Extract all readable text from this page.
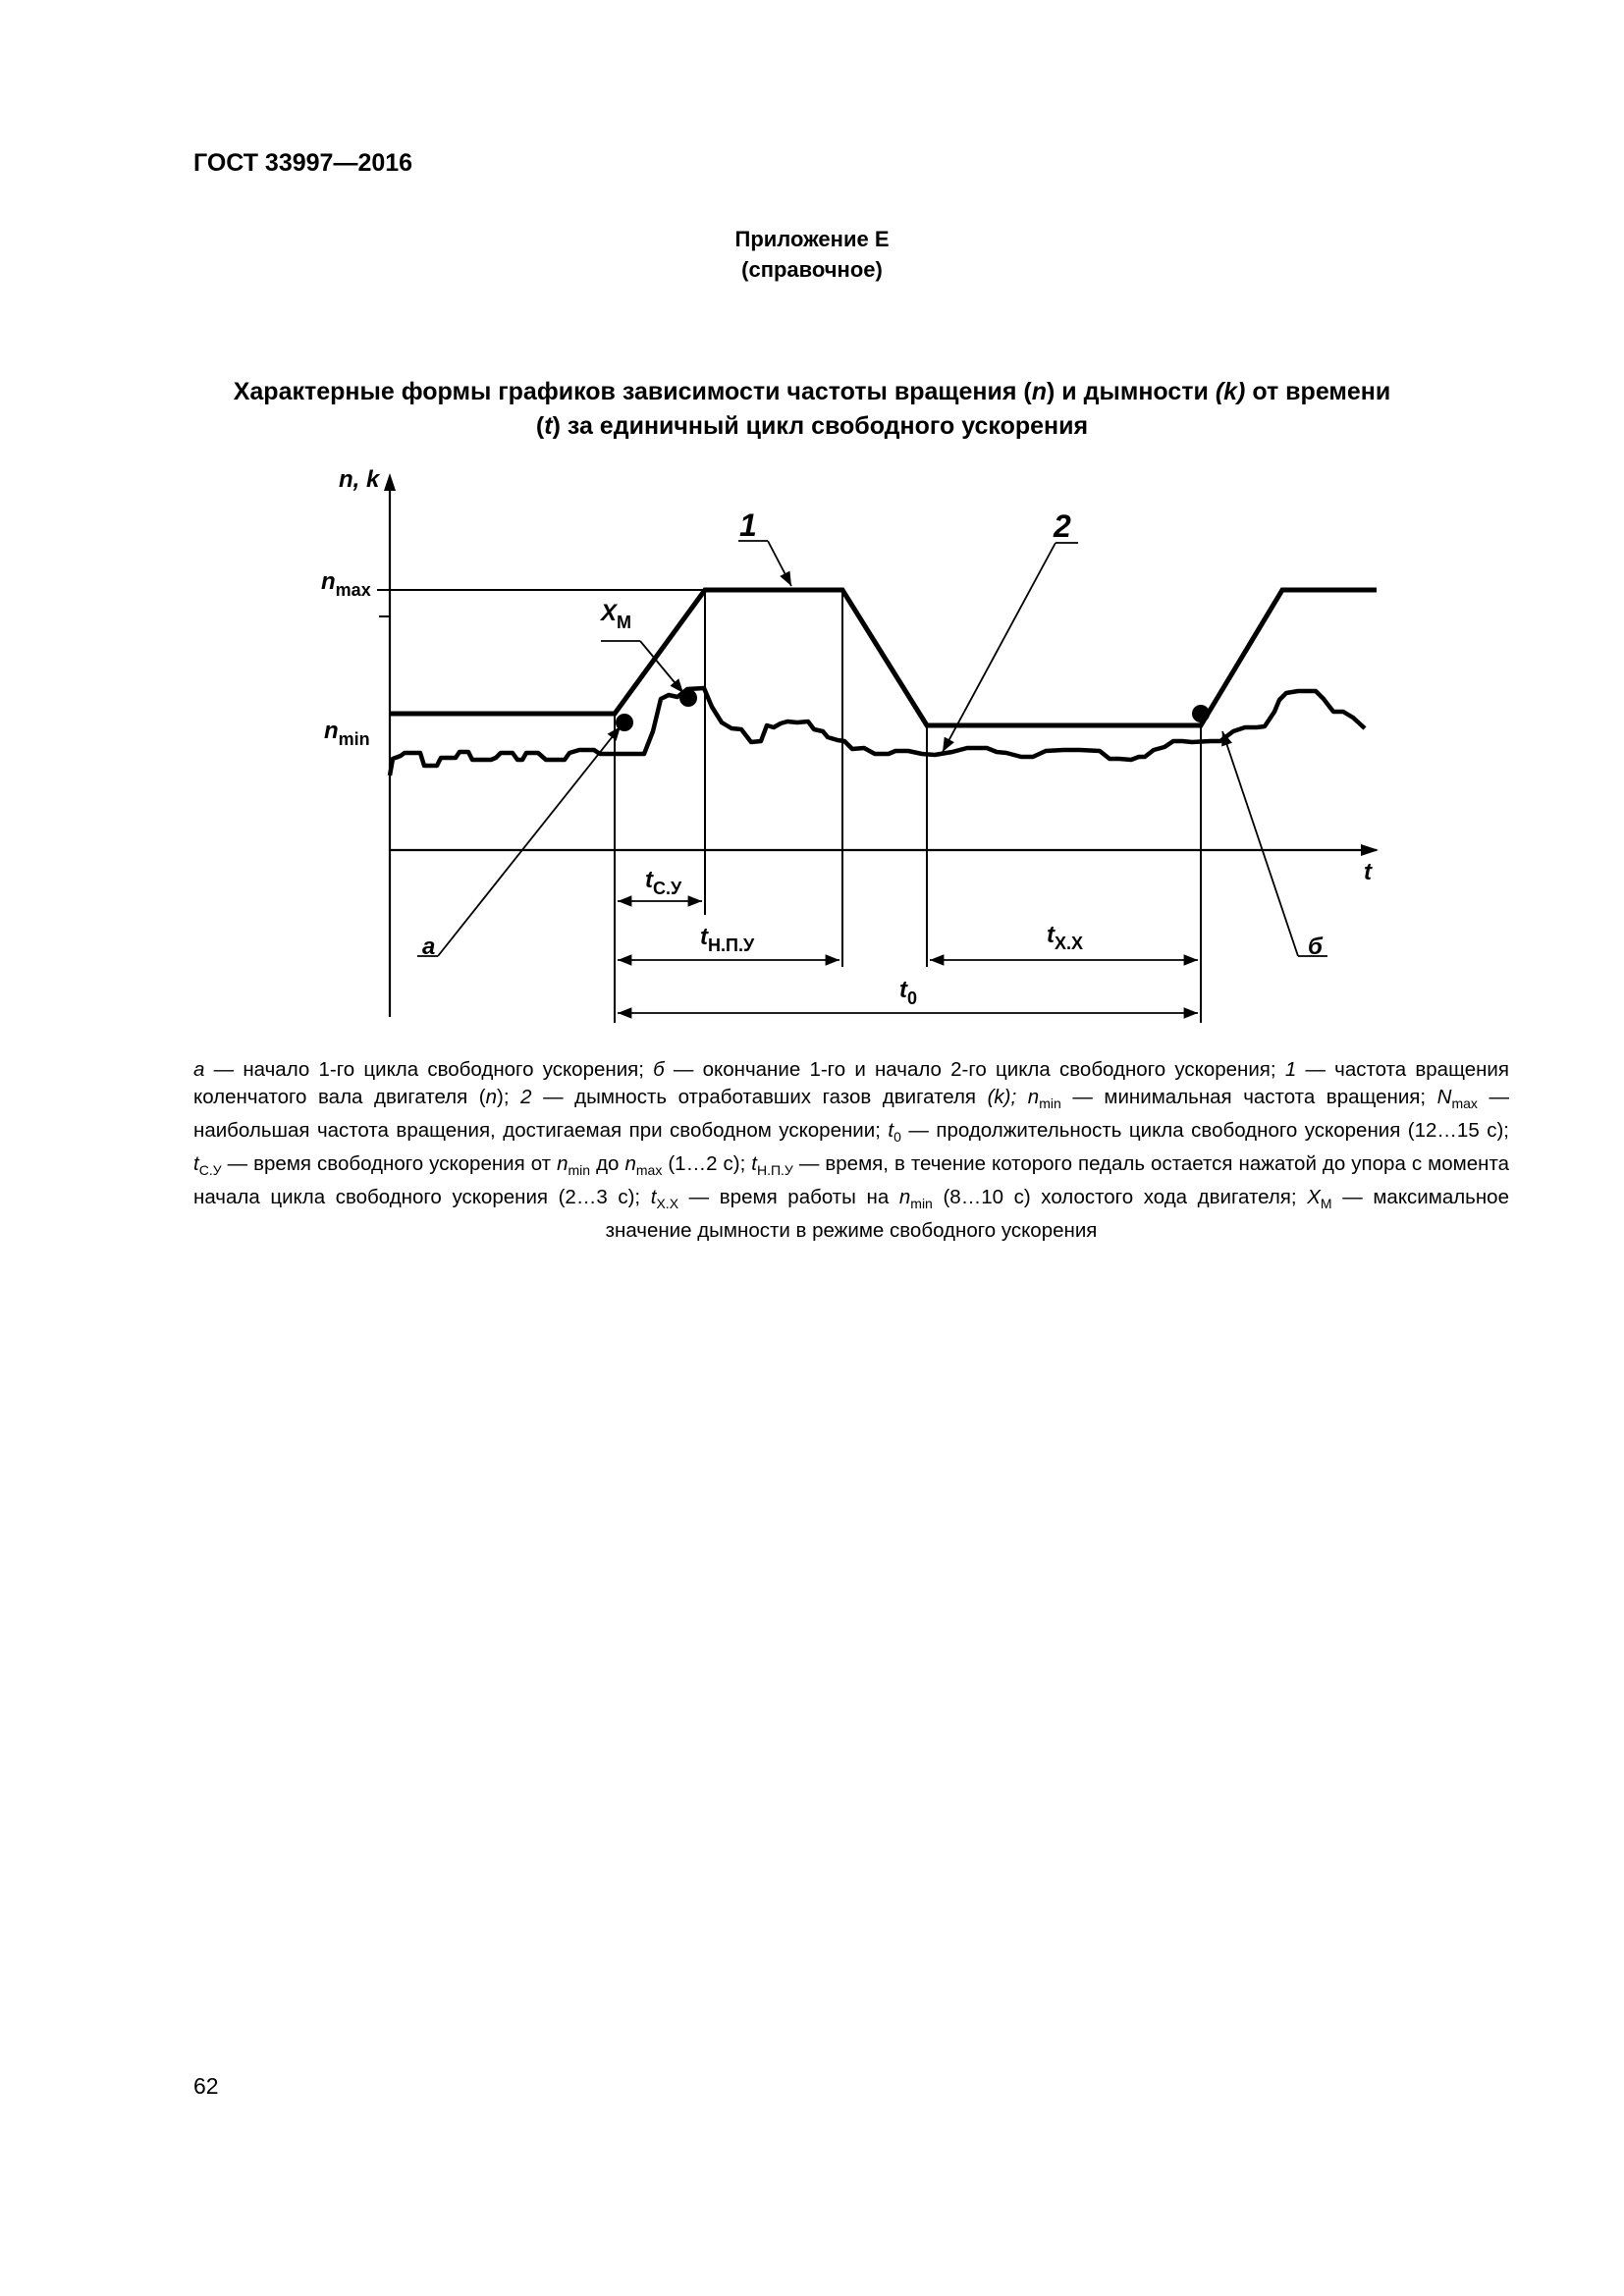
ГОСТ 33997—2016
Приложение Е
(справочное)
Характерные формы графиков зависимости частоты вращения (n) и дымности (k) от времени
(t) за единичный цикл свободного ускорения
n, k
t
$n_{max}$
$n_{min}$
$X_M$
1	2
а	б
$t_{С.У}$
$t_{Н.П.У}$	$t_{Х.Х}$
$t_0$
а — начало 1-го цикла свободного ускорения; б — окончание 1-го и начало 2-го цикла свободного ускорения; 1 — частота вращения коленчатого вала двигателя (n); 2 — дымность отработавших газов двигателя (k); $n_{min}$ — минимальная частота вращения; $N_{max}$ — наибольшая частота вращения, достигаемая при свободном ускорении; $t_0$ — продолжительность цикла свободного ускорения (12…15 с); $t_{С.У}$ — время свободного ускорения от $n_{min}$ до $n_{max}$ (1…2 с); $t_{Н.П.У}$ — время, в течение которого педаль остается нажатой до упора с момента начала цикла свободного ускорения (2…3 с); $t_{Х.Х}$ — время работы на $n_{min}$ (8…10 с) холостого хода двигателя; $X_M$ — максимальное значение дымности в режиме свободного ускорения
62
